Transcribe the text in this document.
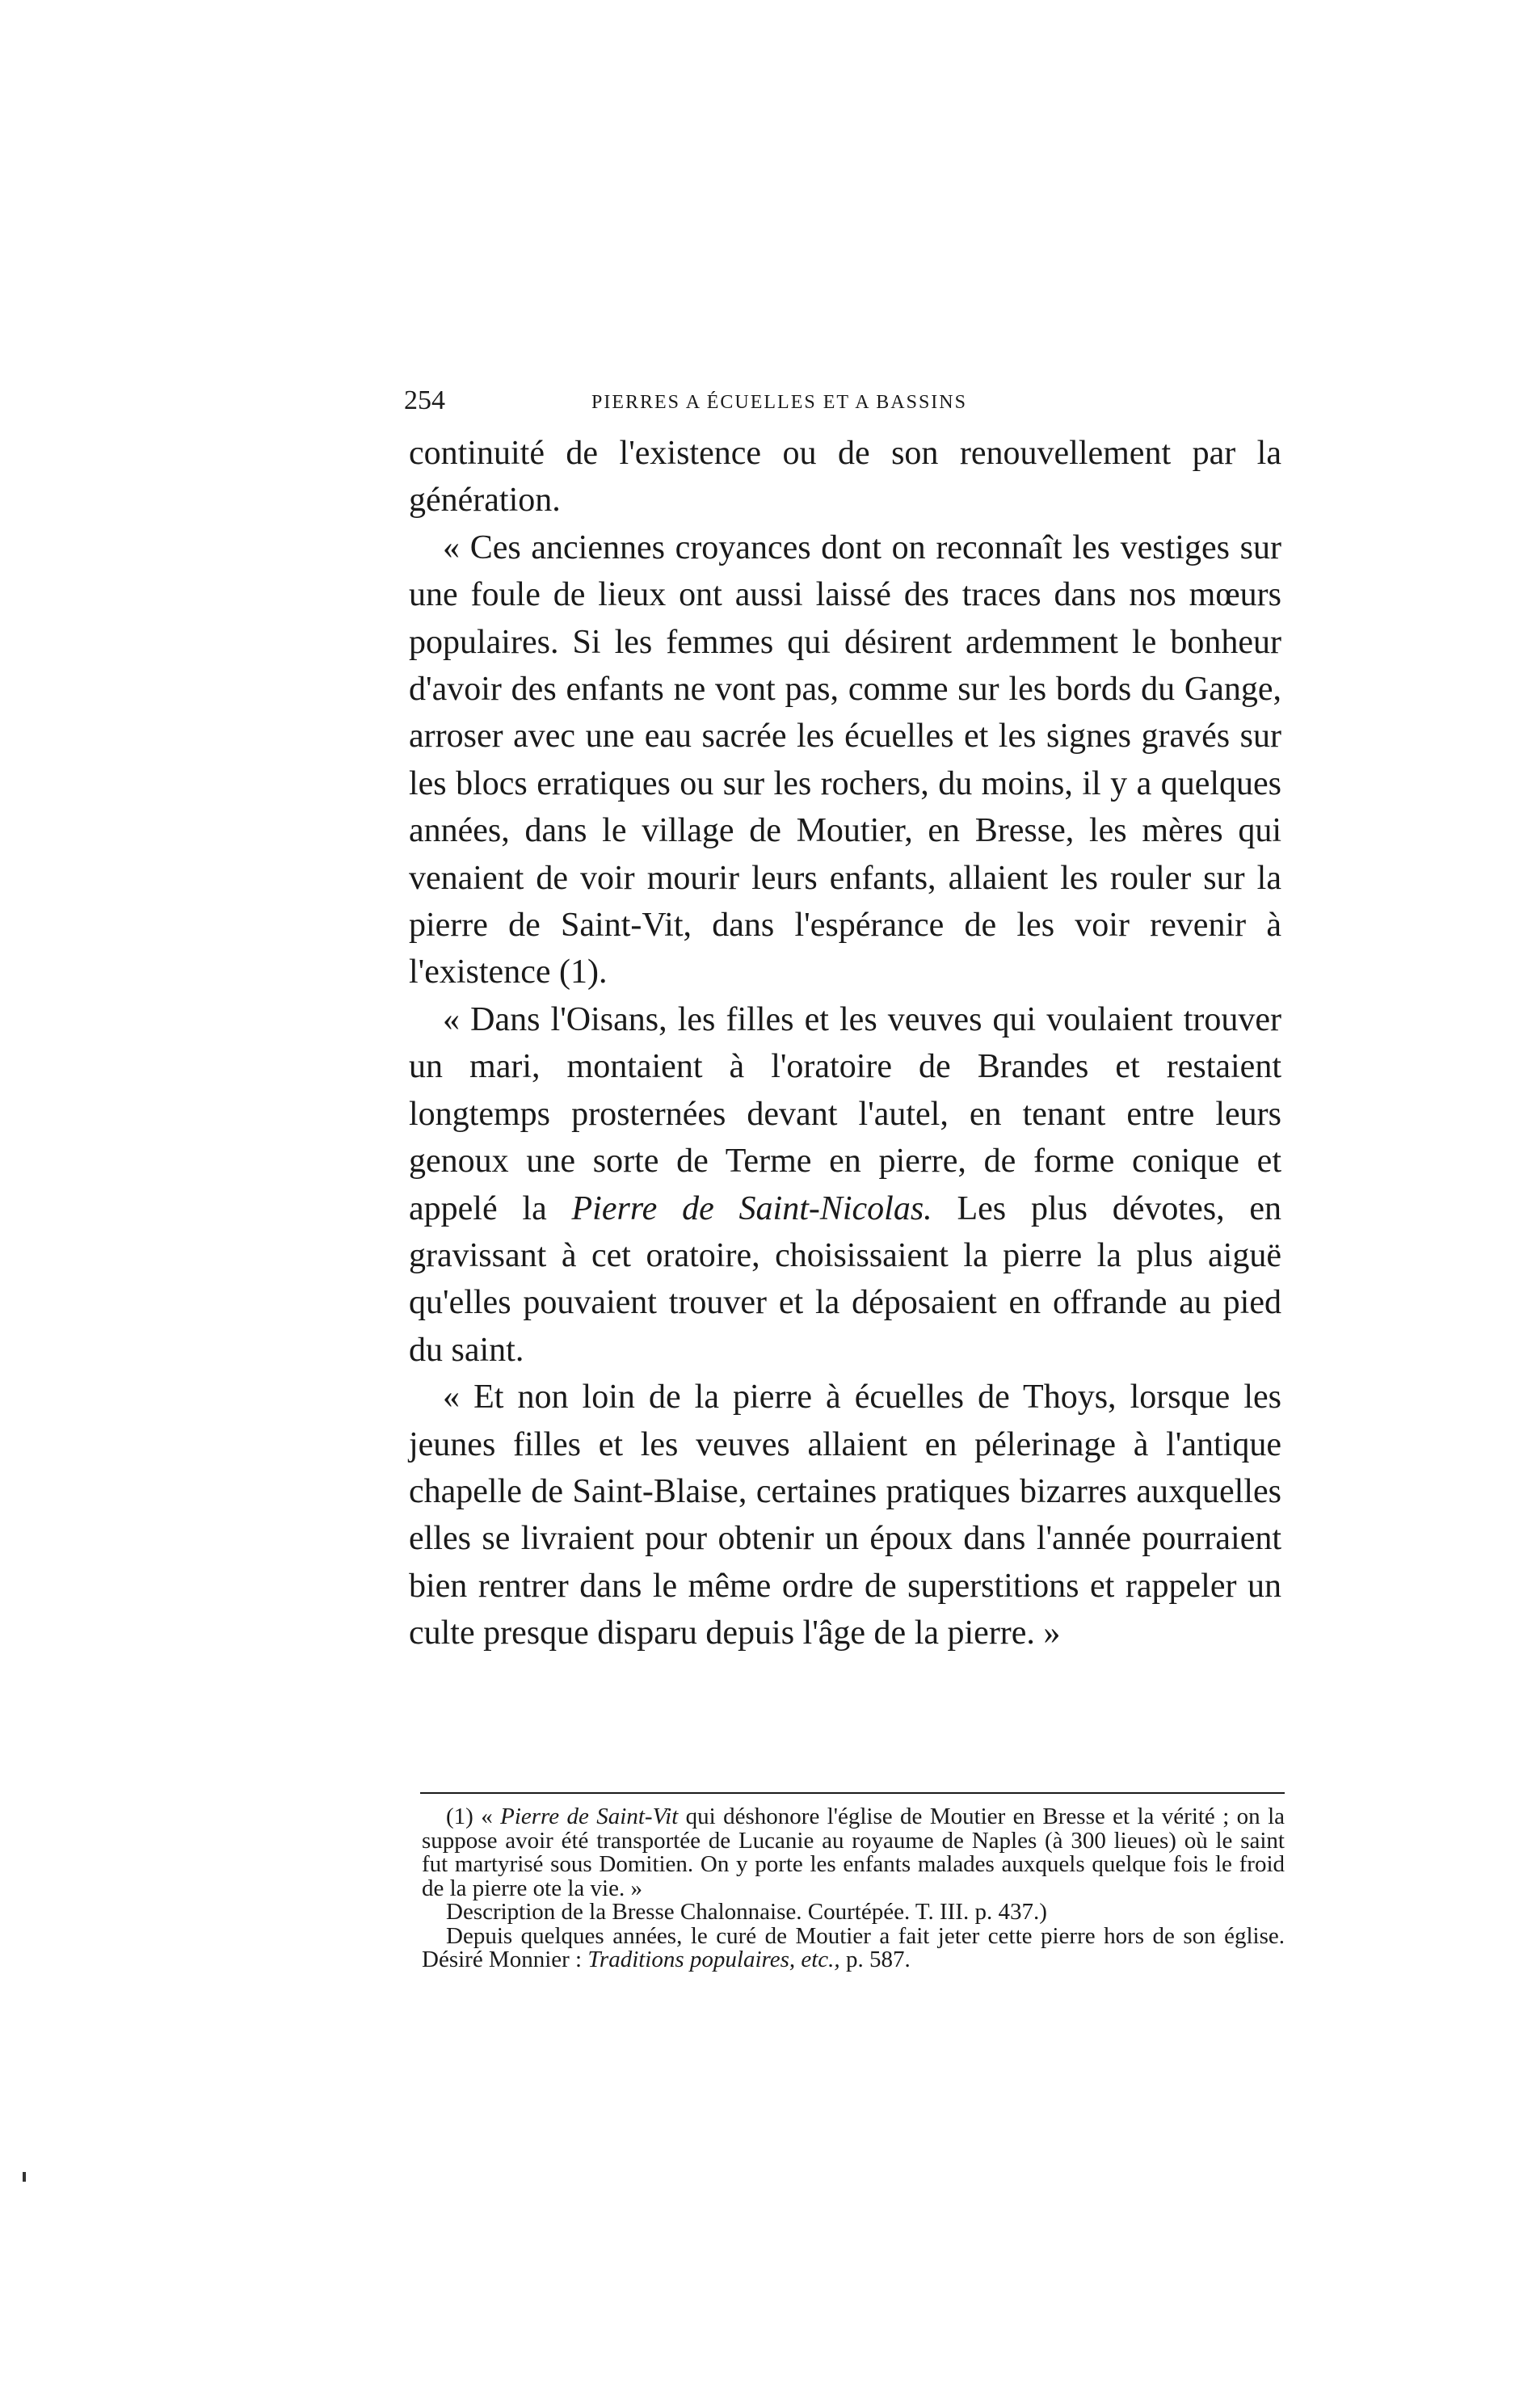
254	PIERRES A ÉCUELLES ET A BASSINS

continuité de l'existence ou de son renouvellement par la génération.

« Ces anciennes croyances dont on reconnaît les vestiges sur une foule de lieux ont aussi laissé des traces dans nos mœurs populaires. Si les femmes qui désirent ardemment le bonheur d'avoir des enfants ne vont pas, comme sur les bords du Gange, arroser avec une eau sacrée les écuelles et les signes gravés sur les blocs erratiques ou sur les rochers, du moins, il y a quelques années, dans le village de Moutier, en Bresse, les mères qui venaient de voir mourir leurs enfants, allaient les rouler sur la pierre de Saint-Vit, dans l'espérance de les voir revenir à l'existence (1).

« Dans l'Oisans, les filles et les veuves qui voulaient trouver un mari, montaient à l'oratoire de Brandes et restaient longtemps prosternées devant l'autel, en tenant entre leurs genoux une sorte de Terme en pierre, de forme conique et appelé la Pierre de Saint-Nicolas. Les plus dévotes, en gravissant à cet oratoire, choisissaient la pierre la plus aiguë qu'elles pouvaient trouver et la déposaient en offrande au pied du saint.

« Et non loin de la pierre à écuelles de Thoys, lorsque les jeunes filles et les veuves allaient en pélerinage à l'antique chapelle de Saint-Blaise, certaines pratiques bizarres auxquelles elles se livraient pour obtenir un époux dans l'année pourraient bien rentrer dans le même ordre de superstitions et rappeler un culte presque disparu depuis l'âge de la pierre. »

(1) « Pierre de Saint-Vit qui déshonore l'église de Moutier en Bresse et la vérité ; on la suppose avoir été transportée de Lucanie au royaume de Naples (à 300 lieues) où le saint fut martyrisé sous Domitien. On y porte les enfants malades auxquels quelque fois le froid de la pierre ote la vie. »

Description de la Bresse Chalonnaise. Courtépée. T. III. p. 437.)

Depuis quelques années, le curé de Moutier a fait jeter cette pierre hors de son église. Désiré Monnier : Traditions populaires, etc., p. 587.
